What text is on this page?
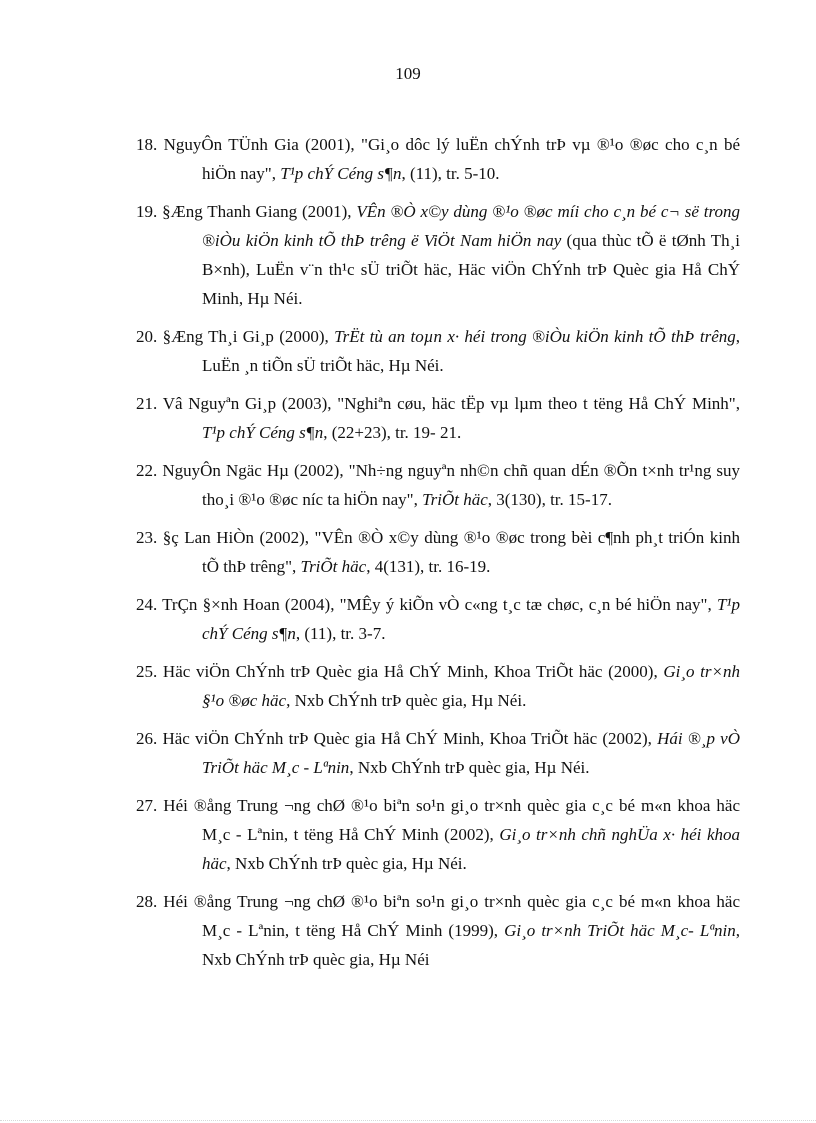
109
18. NguyÔn TÜnh Gia (2001), "Gi¸o dôc lý luËn chÝnh trÞ vµ ®¹o ®øc cho c¸n bé hiÖn nay", T¹p chÝ Céng s¶n, (11), tr. 5-10.
19. §Æng Thanh Giang (2001), VÊn ®Ò x©y dùng ®¹o ®øc míi cho c¸n bé c¬ së trong ®iÒu kiÖn kinh tÕ thÞ trêng ë ViÖt Nam hiÖn nay (qua thùc tÕ ë tØnh Th¸i B×nh), LuËn v¨n th¹c sÜ triÕt häc, Häc viÖn ChÝnh trÞ Quèc gia Hå ChÝ Minh, Hµ Néi.
20. §Æng Th¸i Gi¸p (2000), TrËt tù an toµn x· héi trong ®iÒu kiÖn kinh tÕ thÞ trêng, LuËn ¸n tiÕn sÜ triÕt häc, Hµ Néi.
21. Vâ Nguyªn Gi¸p (2003), "Nghiªn cøu, häc tËp vµ lµm theo t tëng Hå ChÝ Minh", T¹p chÝ Céng s¶n, (22+23), tr. 19- 21.
22. NguyÔn Ngäc Hµ (2002), "Nh÷ng nguyªn nh©n chñ quan dÉn ®Õn t×nh tr¹ng suy tho¸i ®¹o ®øc níc ta hiÖn nay", TriÕt häc, 3(130), tr. 15-17.
23. §ç Lan HiÒn (2002), "VÊn ®Ò x©y dùng ®¹o ®øc trong bèi c¶nh ph¸t triÓn kinh tÕ thÞ trêng", TriÕt häc, 4(131), tr. 16-19.
24. TrÇn §×nh Hoan (2004), "MÊy ý kiÕn vÒ c«ng t¸c tæ chøc, c¸n bé hiÖn nay", T¹p chÝ Céng s¶n, (11), tr. 3-7.
25. Häc viÖn ChÝnh trÞ Quèc gia Hå ChÝ Minh, Khoa TriÕt häc (2000), Gi¸o tr×nh §¹o ®øc häc, Nxb ChÝnh trÞ quèc gia, Hµ Néi.
26. Häc viÖn ChÝnh trÞ Quèc gia Hå ChÝ Minh, Khoa TriÕt häc (2002), Hái ®¸p vÒ TriÕt häc M¸c - Lªnin, Nxb ChÝnh trÞ quèc gia, Hµ Néi.
27. Héi ®ång Trung ¬ng chØ ®¹o biªn so¹n gi¸o tr×nh quèc gia c¸c bé m«n khoa häc M¸c - Lªnin, t tëng Hå ChÝ Minh (2002), Gi¸o tr×nh chñ nghÜa x· héi khoa häc, Nxb ChÝnh trÞ quèc gia, Hµ Néi.
28. Héi ®ång Trung ¬ng chØ ®¹o biªn so¹n gi¸o tr×nh quèc gia c¸c bé m«n khoa häc M¸c - Lªnin, t tëng Hå ChÝ Minh (1999), Gi¸o tr×nh TriÕt häc M¸c- Lªnin, Nxb ChÝnh trÞ quèc gia, Hµ Néi
